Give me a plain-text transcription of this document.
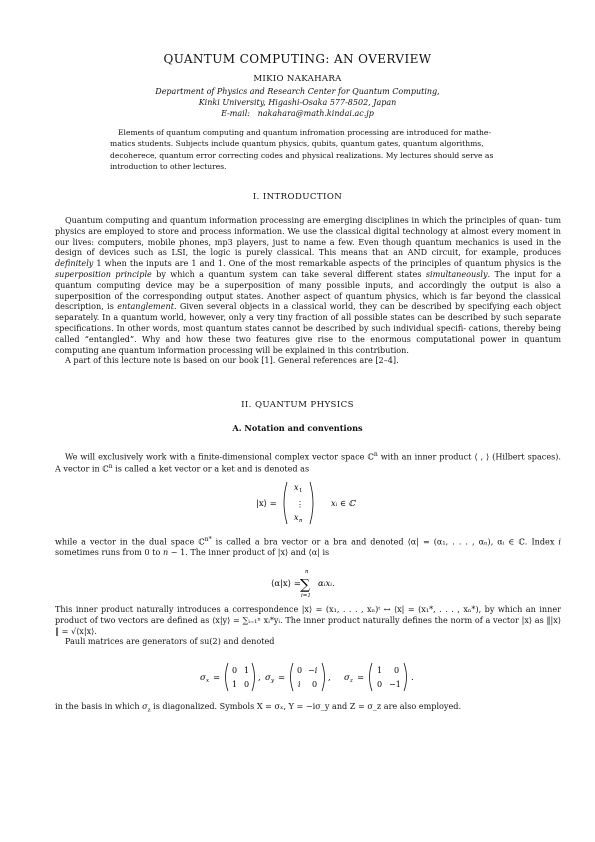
QUANTUM COMPUTING: AN OVERVIEW
MIKIO NAKAHARA
Department of Physics and Research Center for Quantum Computing,
Kinki University, Higashi-Osaka 577-8502, Japan
E-mail: nakahara@math.kindai.ac.jp
Elements of quantum computing and quantum infromation processing are introduced for mathe-
matics students. Subjects include quantum physics, qubits, quantum gates, quantum algorithms,
decoherece, quantum error correcting codes and physical realizations. My lectures should serve as
introduction to other lectures.
I. INTRODUCTION

Quantum computing and quantum information processing are emerging disciplines in which the principles of quan- tum physics are employed to store and process information. We use the classical digital technology at almost every moment in our lives: computers, mobile phones, mp3 players, just to name a few. Even though quantum mechanics is used in the design of devices such as LSI, the logic is purely classical. This means that an AND circuit, for example, produces definitely 1 when the inputs are 1 and 1. One of the most remarkable aspects of the principles of quantum physics is the superposition principle by which a quantum system can take several different states simultaneously. The input for a quantum computing device may be a superposition of many possible inputs, and accordingly the output is also a superposition of the corresponding output states. Another aspect of quantum physics, which is far beyond the classical description, is entanglement. Given several objects in a classical world, they can be described by specifying each object separately. In a quantum world, however, only a very tiny fraction of all possible states can be described by such separate specifications. In other words, most quantum states cannot be described by such individual specifi- cations, thereby being called “entangled”. Why and how these two features give rise to the enormous computational power in quantum computing ane quantum information processing will be explained in this contribution.

A part of this lecture note is based on our book [1]. General references are [2–4].

II. QUANTUM PHYSICS
A. Notation and conventions

We will exclusively work with a finite-dimensional complex vector space ℂ$^n$ with an inner product ⟨ , ⟩ (Hilbert spaces). A vector in ℂ$^n$ is called a ket vector or a ket and is denoted as

|x⟩ =
x 1
⋮
x n
xᵢ ∈ ℂ

while a vector in the dual space ℂ$^{n*}$ is called a bra vector or a bra and denoted ⟨α| = (α₁, . . . , αₙ), αᵢ ∈ ℂ. Index i sometimes runs from 0 to n − 1. The inner product of |x⟩ and ⟨α| is

⟨α|x⟩ =
n
∑
i=1
αᵢxᵢ.

This inner product naturally introduces a correspondence |x⟩ = (x₁, . . . , xₙ)ᵗ ↔ ⟨x| = (x₁*, . . . , xₙ*), by which an inner product of two vectors are defined as ⟨x|y⟩ = ∑ᵢ₌₁ⁿ xᵢ*yᵢ. The inner product naturally defines the norm of a vector |x⟩ as ‖|x⟩‖ = √⟨x|x⟩.

Pauli matrices are generators of su(2) and denoted

σ x =
0 1
1 0
, σ y =
0 −i
i 0
, σ z =
1 0
0 −1
.

in the basis in which $\sigma_z$ is diagonalized. Symbols X = σₓ, Y = −iσ_y and Z = σ_z are also employed.
